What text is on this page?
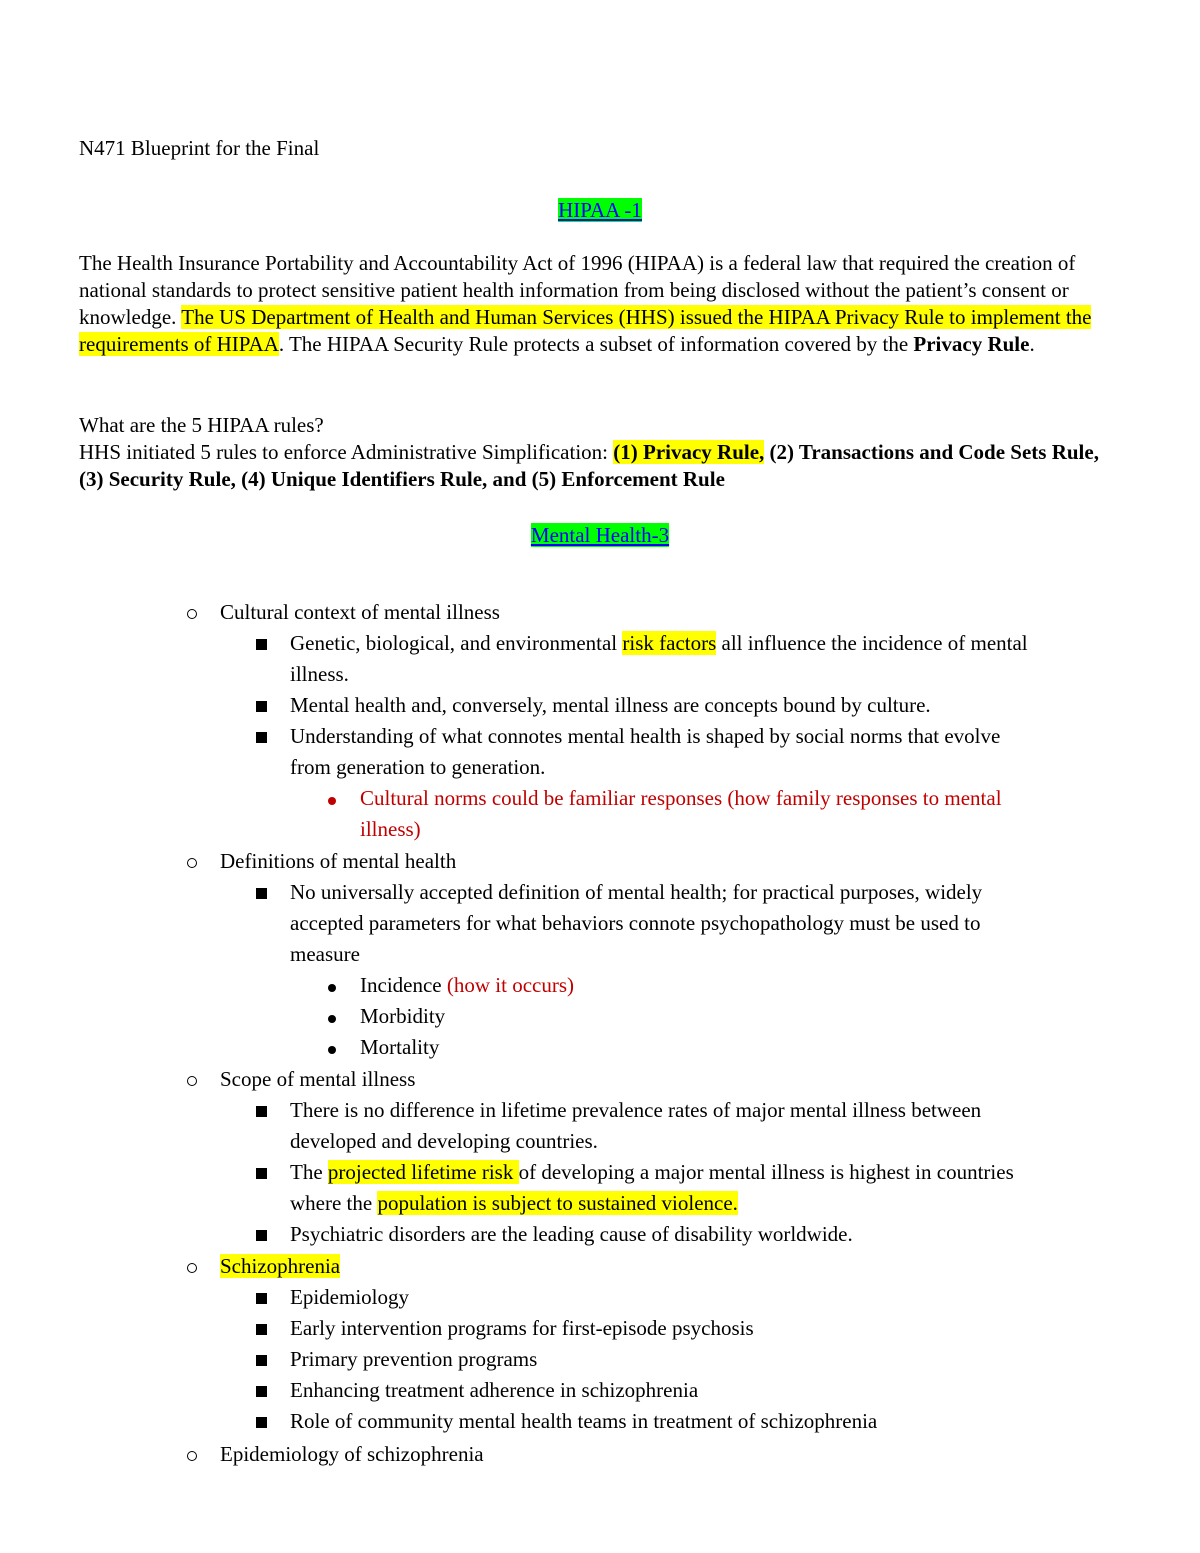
N471 Blueprint for the Final
HIPAA -1

The Health Insurance Portability and Accountability Act of 1996 (HIPAA) is a federal law that required the creation of national standards to protect sensitive patient health information from being disclosed without the patient’s consent or knowledge. The US Department of Health and Human Services (HHS) issued the HIPAA Privacy Rule to implement the requirements of HIPAA. The HIPAA Security Rule protects a subset of information covered by the Privacy Rule.

What are the 5 HIPAA rules?

HHS initiated 5 rules to enforce Administrative Simplification: (1) Privacy Rule, (2) Transactions and Code Sets Rule, (3) Security Rule, (4) Unique Identifiers Rule, and (5) Enforcement Rule

Mental Health-3
Cultural context of mental illness
Genetic, biological, and environmental risk factors all influence the incidence of mental
illness.
Mental health and, conversely, mental illness are concepts bound by culture.
Understanding of what connotes mental health is shaped by social norms that evolve
from generation to generation.
Cultural norms could be familiar responses (how family responses to mental
illness)
Definitions of mental health
No universally accepted definition of mental health; for practical purposes, widely
accepted parameters for what behaviors connote psychopathology must be used to
measure
Incidence (how it occurs)
Morbidity
Mortality
Scope of mental illness
There is no difference in lifetime prevalence rates of major mental illness between
developed and developing countries.
The projected lifetime risk of developing a major mental illness is highest in countries
where the population is subject to sustained violence.
Psychiatric disorders are the leading cause of disability worldwide.
Schizophrenia
Epidemiology
Early intervention programs for first-episode psychosis
Primary prevention programs
Enhancing treatment adherence in schizophrenia
Role of community mental health teams in treatment of schizophrenia
Epidemiology of schizophrenia
